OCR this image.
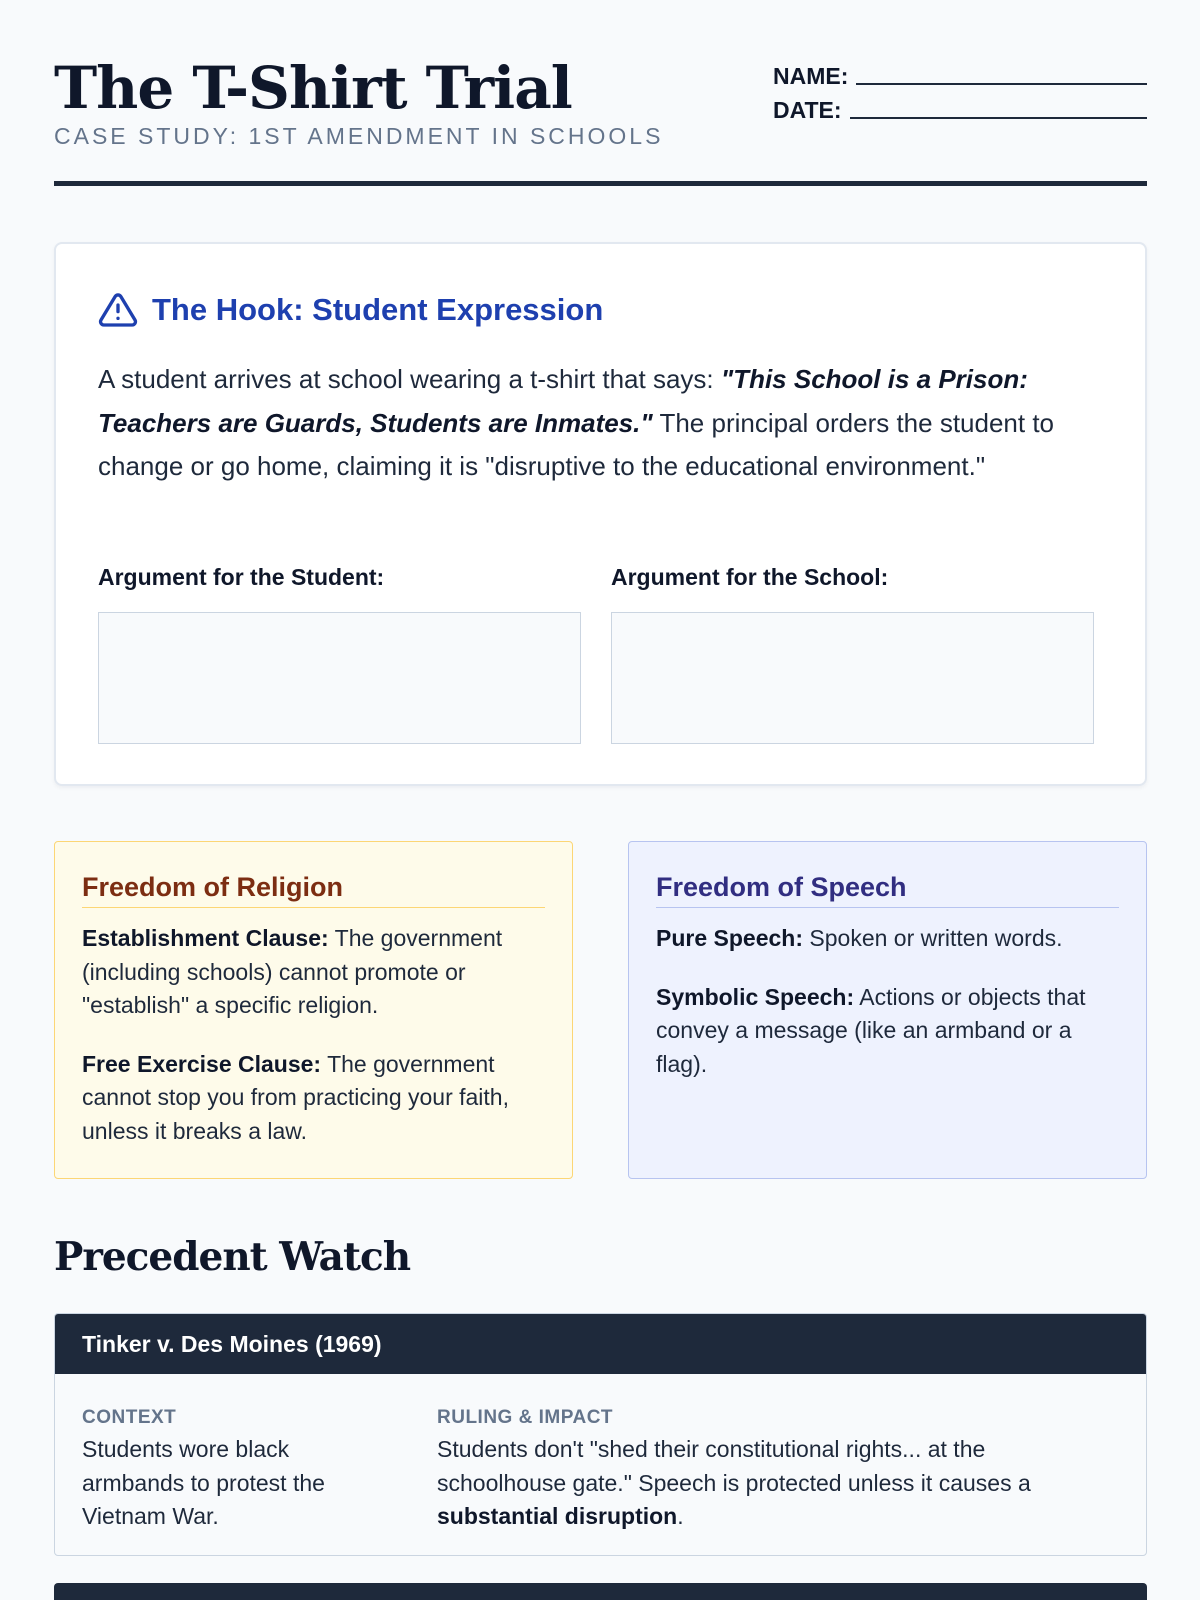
The T-Shirt Trial
CASE STUDY: 1ST AMENDMENT IN SCHOOLS
NAME:
DATE:
The Hook: Student Expression

A student arrives at school wearing a t-shirt that says: "This School is a Prison: Teachers are Guards, Students are Inmates." The principal orders the student to change or go home, claiming it is "disruptive to the educational environment."

Argument for the Student:	Argument for the School:
Freedom of Religion

Establishment Clause: The government (including schools) cannot promote or "establish" a specific religion.

Free Exercise Clause: The government cannot stop you from practicing your faith, unless it breaks a law.

Freedom of Speech

Pure Speech: Spoken or written words.

Symbolic Speech: Actions or objects that convey a message (like an armband or a flag).

Precedent Watch
Tinker v. Des Moines (1969)
CONTEXT
Students wore black armbands to protest the Vietnam War.
RULING & IMPACT
Students don't "shed their constitutional rights... at the schoolhouse gate." Speech is protected unless it causes a substantial disruption.
